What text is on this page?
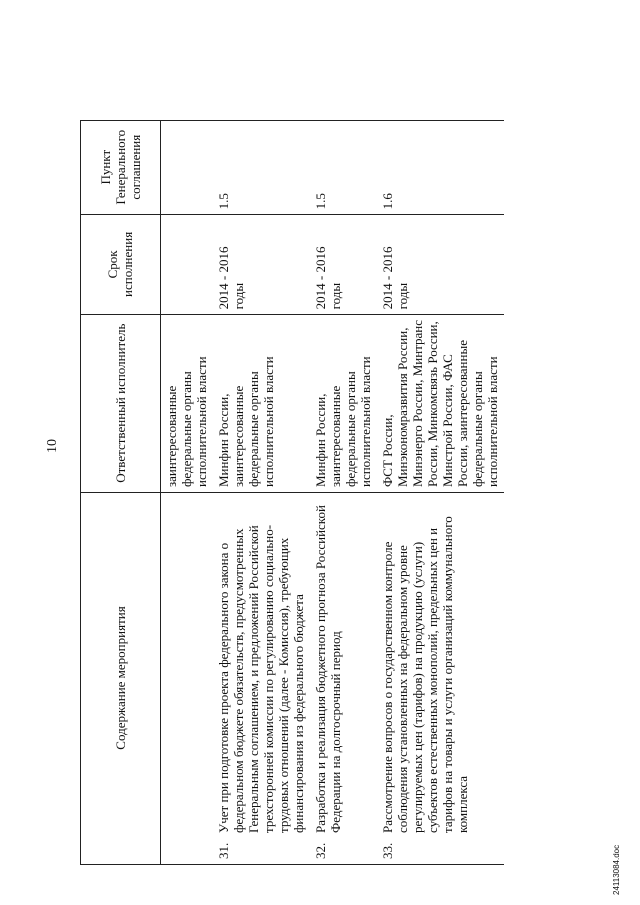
10
Содержание мероприятия	Ответственный исполнитель	Срок исполнения	Пункт Генерального соглашения
	заинтересованные федеральные органы исполнительной власти		

31.
Учет при подготовке проекта федерального закона о федеральном бюджете обязательств, предусмотренных Генеральным соглашением, и предложений Российской трехсторонней комиссии по регулированию социально-трудовых отношений (далее - Комиссия), требующих финансирования из федерального бюджета	Минфин России, заинтересованные федеральные органы исполнительной власти	2014 - 2016 годы	1.5

32.
Разработка и реализация бюджетного прогноза Российской Федерации на долгосрочный период	Минфин России, заинтересованные федеральные органы исполнительной власти	2014 - 2016 годы	1.5

33.
Рассмотрение вопросов о государственном контроле соблюдения установленных на федеральном уровне регулируемых цен (тарифов) на продукцию (услуги) субъектов естественных монополий, предельных цен и тарифов на товары и услуги организаций коммунального комплекса	ФСТ России, Минэкономразвития России, Минэнерго России, Минтранс России, Минкомсвязь России, Минстрой России, ФАС России, заинтересованные федеральные органы исполнительной власти	2014 - 2016 годы	1.6
24113084.doc
